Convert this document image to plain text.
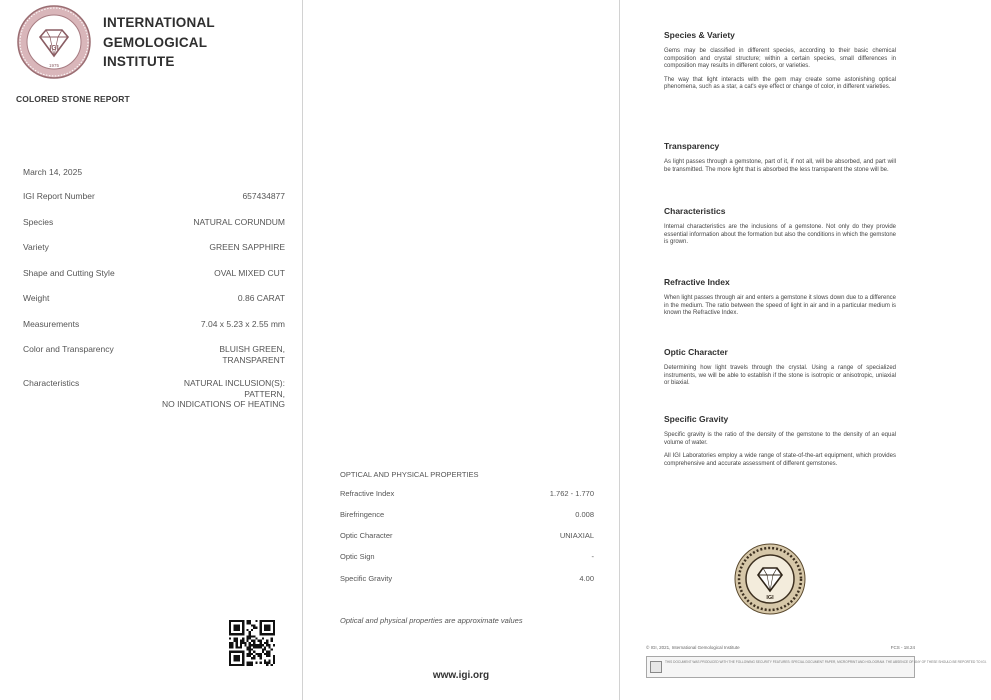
IGI
1975
INTERNATIONAL
GEMOLOGICAL
INSTITUTE
COLORED STONE REPORT
March 14, 2025
IGI Report Number	657434877
Species	NATURAL CORUNDUM
Variety	GREEN SAPPHIRE
Shape and Cutting Style	OVAL MIXED CUT
Weight	0.86 CARAT
Measurements	7.04 x 5.23 x 2.55 mm
Color and Transparency	BLUISH GREEN,
TRANSPARENT
Characteristics	NATURAL INCLUSION(S):
PATTERN,
NO INDICATIONS OF HEATING
OPTICAL AND PHYSICAL PROPERTIES
Refractive Index	1.762 - 1.770
Birefringence	0.008
Optic Character	UNIAXIAL
Optic Sign	-
Specific Gravity	4.00
Optical and physical properties are approximate values
www.igi.org
Species & Variety

Gems may be classified in different species, according to their basic chemical composition and crystal structure; within a certain species, small differences in composition may results in different colors, or varieties.

The way that light interacts with the gem may create some astonishing optical phenomena, such as a star, a cat's eye effect or change of color, in different varieties.

Transparency

As light passes through a gemstone, part of it, if not all, will be absorbed, and part will be transmitted. The more light that is absorbed the less transparent the stone will be.

Characteristics

Internal characteristics are the inclusions of a gemstone. Not only do they provide essential information about the formation but also the conditions in which the gemstone is grown.

Refractive Index

When light passes through air and enters a gemstone it slows down due to a difference in the medium. The ratio between the speed of light in air and in a particular medium is known the Refractive Index.

Optic Character

Determining how light travels through the crystal. Using a range of specialized instruments, we will be able to establish if the stone is isotropic or anisotropic, uniaxial or biaxial.

Specific Gravity

Specific gravity is the ratio of the density of the gemstone to the density of an equal volume of water.

All IGI Laboratories employ a wide range of state-of-the-art equipment, which provides comprehensive and accurate assessment of different gemstones.

IGI
© IGI, 2021, International Gemological Institute	FCS - 18.24
THIS DOCUMENT WAS PRODUCED WITH THE FOLLOWING SECURITY FEATURES: SPECIAL DOCUMENT PAPER, MICROPRINT AND HOLOGRAM. THE ABSENCE OF ANY OF THESE SHOULD BE REPORTED TO IGI.
